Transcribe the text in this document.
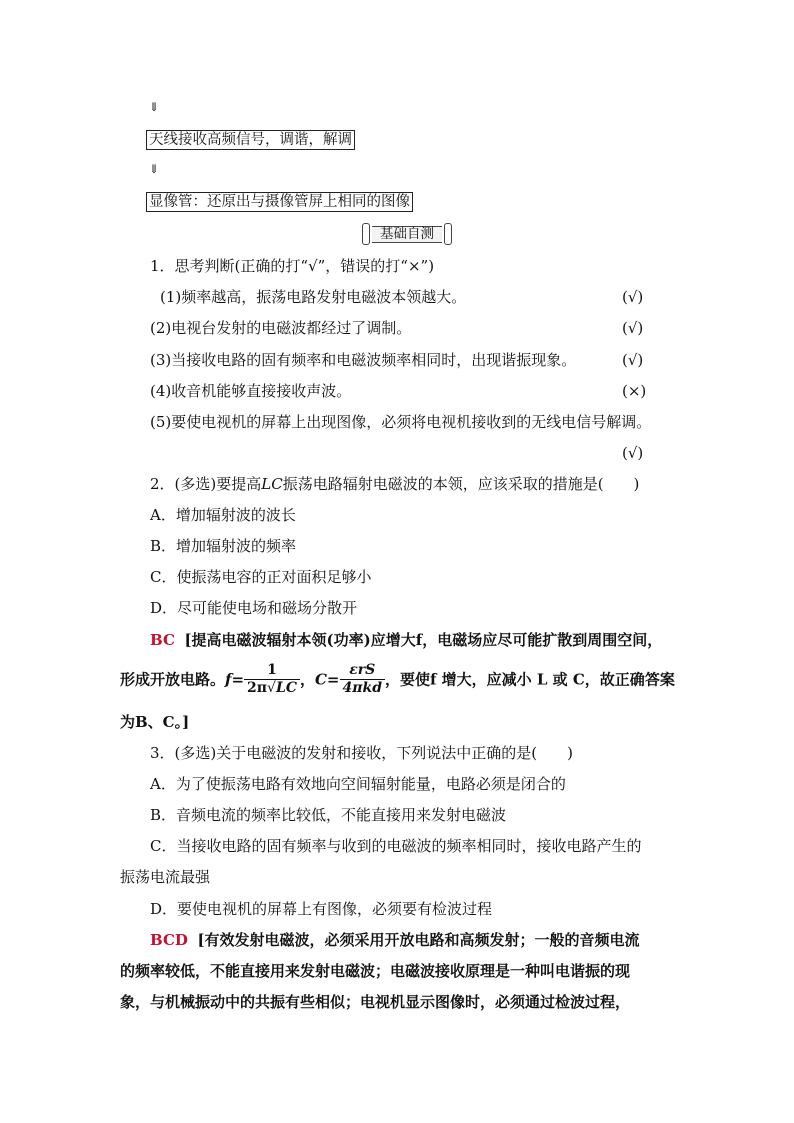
⇓
天线接收高频信号，调谐，解调
⇓
显像管：还原出与摄像管屏上相同的图像
基础自测
1．思考判断(正确的打“√”，错误的打“×”)
(1)频率越高，振荡电路发射电磁波本领越大。	(√)
(2)电视台发射的电磁波都经过了调制。	(√)
(3)当接收电路的固有频率和电磁波频率相同时，出现谐振现象。	(√)
(4)收音机能够直接接收声波。	(×)
(5)要使电视机的屏幕上出现图像，必须将电视机接收到的无线电信号解调。
(√)
2．(多选)要提高LC振荡电路辐射电磁波的本领，应该采取的措施是(　　)
A．增加辐射波的波长
B．增加辐射波的频率
C．使振荡电容的正对面积足够小
D．尽可能使电场和磁场分散开
BC [提高电磁波辐射本领(功率)应增大f，电磁场应尽可能扩散到周围空间，
形成开放电路。$f= \frac{1}{2\pi√LC}$ ，$C= \frac{\text{εrS}}{\text{4πkd}}$ ，要使f 增大，应减小 L 或 C，故正确答案
为B、C。]
3．(多选)关于电磁波的发射和接收，下列说法中正确的是(　　)
A．为了使振荡电路有效地向空间辐射能量，电路必须是闭合的
B．音频电流的频率比较低，不能直接用来发射电磁波
C．当接收电路的固有频率与收到的电磁波的频率相同时，接收电路产生的
振荡电流最强
D．要使电视机的屏幕上有图像，必须要有检波过程
BCD [有效发射电磁波，必须采用开放电路和高频发射；一般的音频电流
的频率较低，不能直接用来发射电磁波；电磁波接收原理是一种叫电谐振的现
象，与机械振动中的共振有些相似；电视机显示图像时，必须通过检波过程，
